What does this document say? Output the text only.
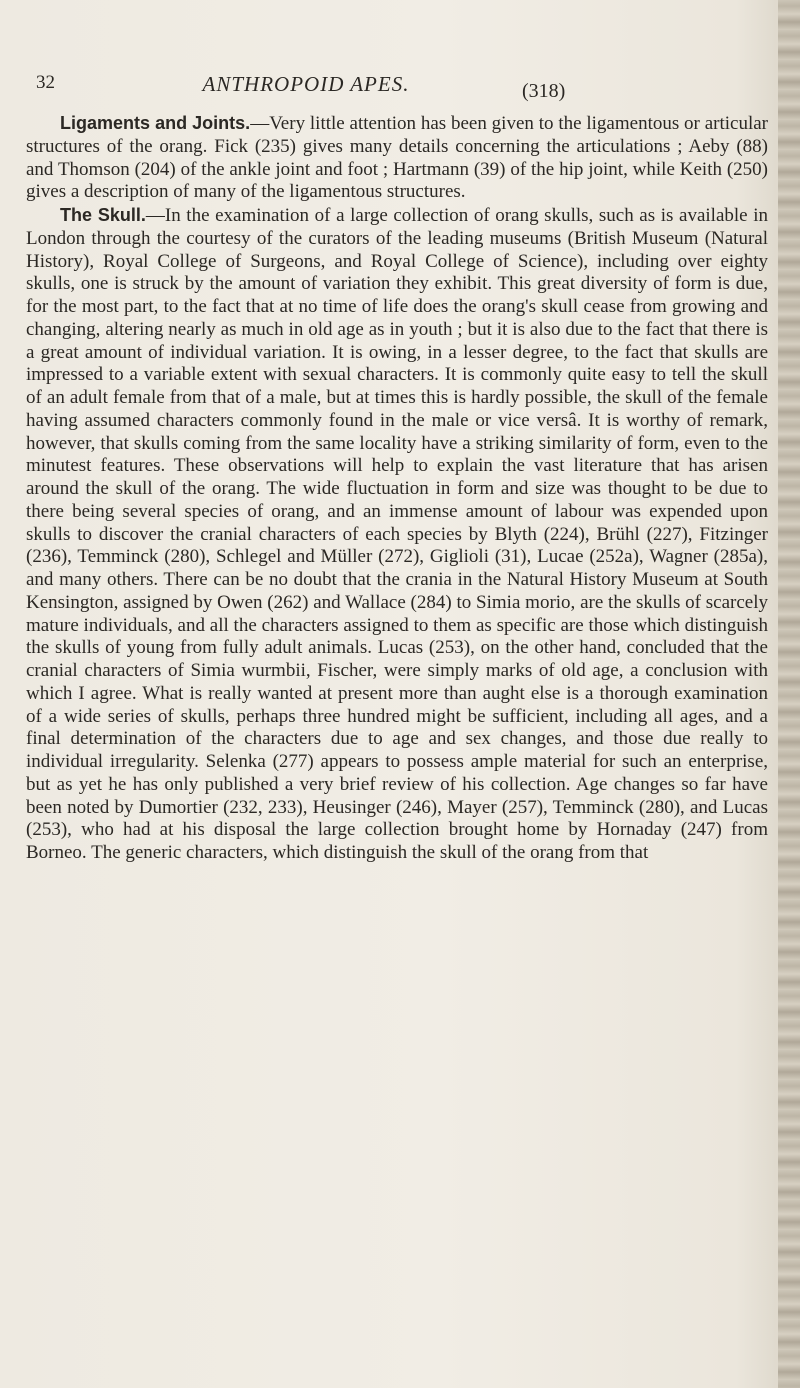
32	ANTHROPOID APES.	(318)

Ligaments and Joints.—Very little attention has been given to the ligamentous or articular structures of the orang. Fick (235) gives many details concerning the articulations ; Aeby (88) and Thomson (204) of the ankle joint and foot ; Hartmann (39) of the hip joint, while Keith (250) gives a description of many of the ligamentous structures.

The Skull.—In the examination of a large collection of orang skulls, such as is available in London through the courtesy of the curators of the leading museums (British Museum (Natural History), Royal College of Surgeons, and Royal College of Science), including over eighty skulls, one is struck by the amount of variation they exhibit. This great diversity of form is due, for the most part, to the fact that at no time of life does the orang's skull cease from growing and changing, altering nearly as much in old age as in youth ; but it is also due to the fact that there is a great amount of individual variation. It is owing, in a lesser degree, to the fact that skulls are impressed to a variable extent with sexual characters. It is commonly quite easy to tell the skull of an adult female from that of a male, but at times this is hardly possible, the skull of the female having assumed characters commonly found in the male or vice versâ. It is worthy of remark, however, that skulls coming from the same locality have a striking similarity of form, even to the minutest features. These observations will help to explain the vast literature that has arisen around the skull of the orang. The wide fluctuation in form and size was thought to be due to there being several species of orang, and an immense amount of labour was expended upon skulls to discover the cranial characters of each species by Blyth (224), Brühl (227), Fitzinger (236), Temminck (280), Schlegel and Müller (272), Giglioli (31), Lucae (252a), Wagner (285a), and many others. There can be no doubt that the crania in the Natural History Museum at South Kensington, assigned by Owen (262) and Wallace (284) to Simia morio, are the skulls of scarcely mature individuals, and all the characters assigned to them as specific are those which distinguish the skulls of young from fully adult animals. Lucas (253), on the other hand, concluded that the cranial characters of Simia wurmbii, Fischer, were simply marks of old age, a conclusion with which I agree. What is really wanted at present more than aught else is a thorough examination of a wide series of skulls, perhaps three hundred might be sufficient, including all ages, and a final determination of the characters due to age and sex changes, and those due really to individual irregularity. Selenka (277) appears to possess ample material for such an enterprise, but as yet he has only published a very brief review of his collection. Age changes so far have been noted by Dumortier (232, 233), Heusinger (246), Mayer (257), Temminck (280), and Lucas (253), who had at his disposal the large collection brought home by Hornaday (247) from Borneo. The generic characters, which distinguish the skull of the orang from that
